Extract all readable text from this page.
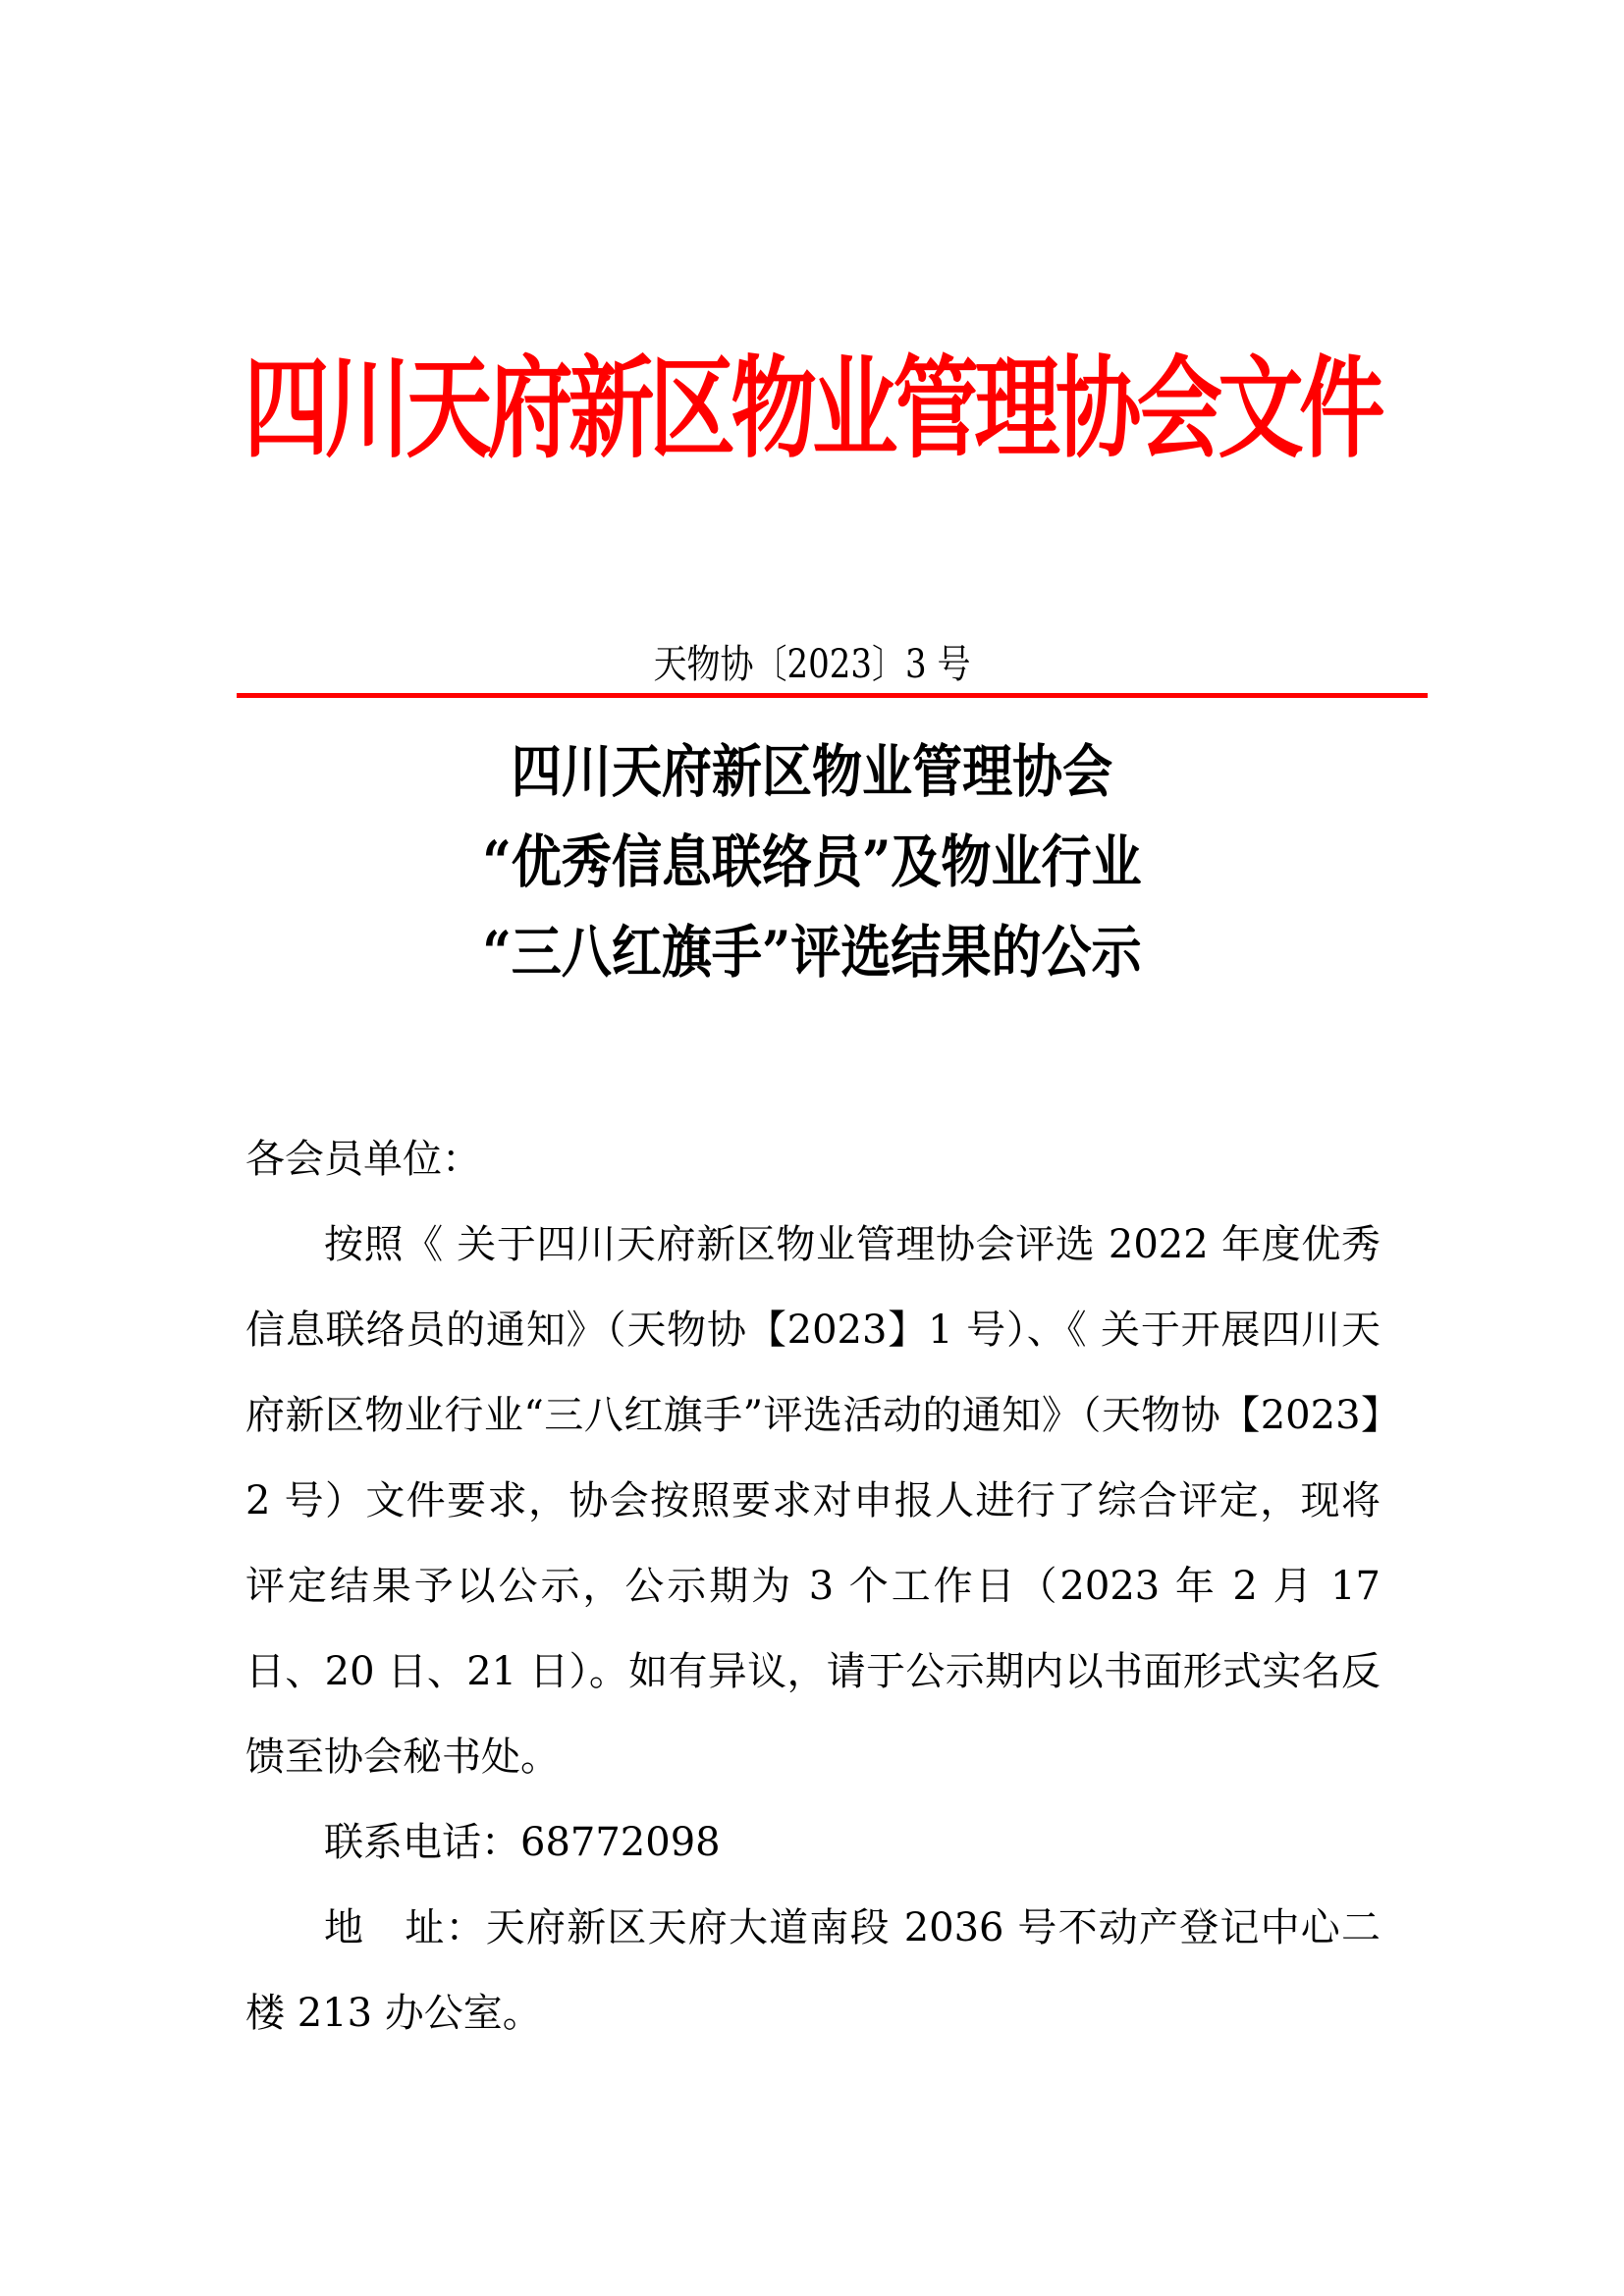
四川天府新区物业管理协会文件
天物协〔2023〕3 号
四川天府新区物业管理协会
“优秀信息联络员”及物业行业
“三八红旗手”评选结果的公示

各会员单位：

按照《 关于四川天府新区物业管理协会评选 2022 年度优秀信息联络员的通知》（天物协【2023】1 号）、《 关于开展四川天府新区物业行业“三八红旗手”评选活动的通知》（天物协【2023】2 号）文件要求，协会按照要求对申报人进行了综合评定，现将评定结果予以公示，公示期为 3 个工作日（2023 年 2 月 17 日、20 日、21 日）。如有异议，请于公示期内以书面形式实名反馈至协会秘书处。

联系电话：68772098

地　址：天府新区天府大道南段 2036 号不动产登记中心二楼 213 办公室。
